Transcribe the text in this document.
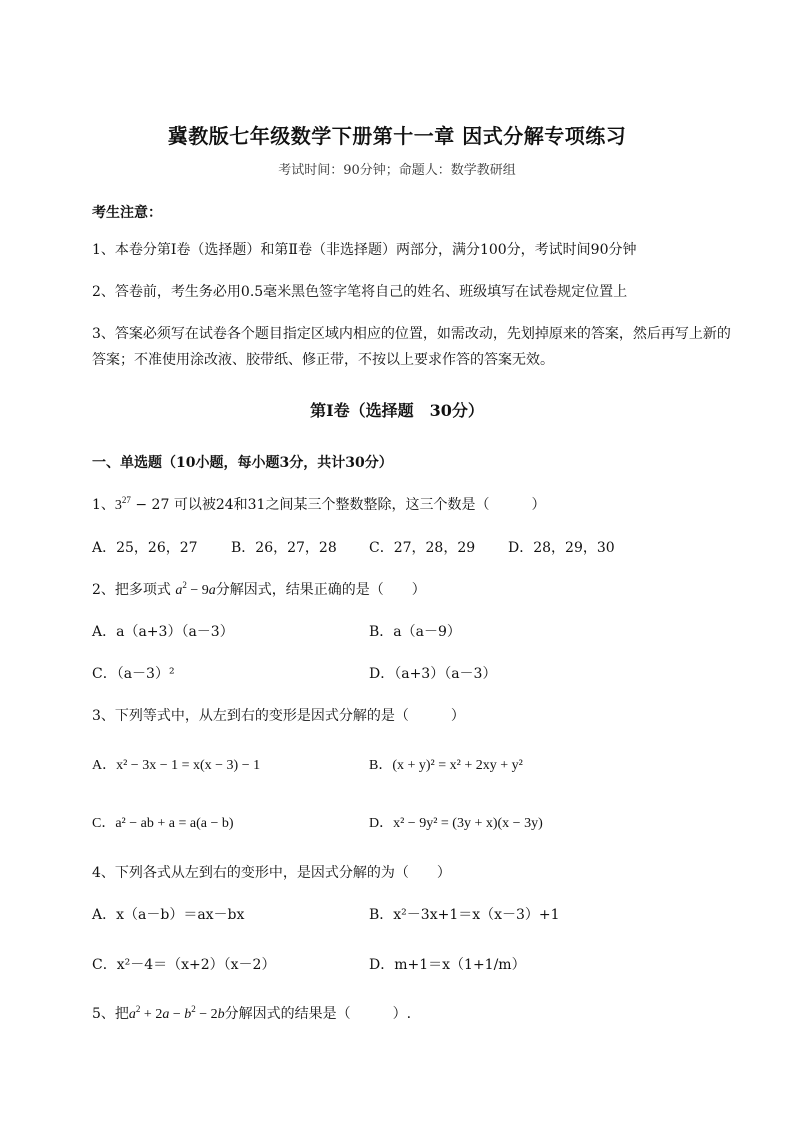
冀教版七年级数学下册第十一章 因式分解专项练习
考试时间：90分钟；命题人：数学教研组
考生注意：
1、本卷分第I卷（选择题）和第Ⅱ卷（非选择题）两部分，满分100分，考试时间90分钟
2、答卷前，考生务必用0.5毫米黑色签字笔将自己的姓名、班级填写在试卷规定位置上
3、答案必须写在试卷各个题目指定区域内相应的位置，如需改动，先划掉原来的答案，然后再写上新的答案；不准使用涂改液、胶带纸、修正带，不按以上要求作答的答案无效。
第I卷（选择题　30分）
一、单选题（10小题，每小题3分，共计30分）
1、$3^{27} - 27$ 可以被24和31之间某三个整数整除，这三个数是（　　　）
A．25，26，27 B．26，27，28 C．27，28，29 D．28，29，30
2、把多项式 $a^2 - 9a$分解因式，结果正确的是（　　）
A．a（a+3）（a－3）	B．a（a－9）
C．（a－3）²	D．（a+3）（a－3）
3、下列等式中，从左到右的变形是因式分解的是（　　　）
A．x² − 3x − 1 = x(x − 3) − 1	B．(x + y)² = x² + 2xy + y²
C．a² − ab + a = a(a − b)	D．x² − 9y² = (3y + x)(x − 3y)
4、下列各式从左到右的变形中，是因式分解的为（　　）
A．x（a－b）＝ax－bx	B．x²－3x+1＝x（x－3）+1
C．x²－4＝（x+2）（x－2）	D．m+1＝x（1+1/m）
5、把$a^2 + 2a - b^2 - 2b$分解因式的结果是（　　　）.
